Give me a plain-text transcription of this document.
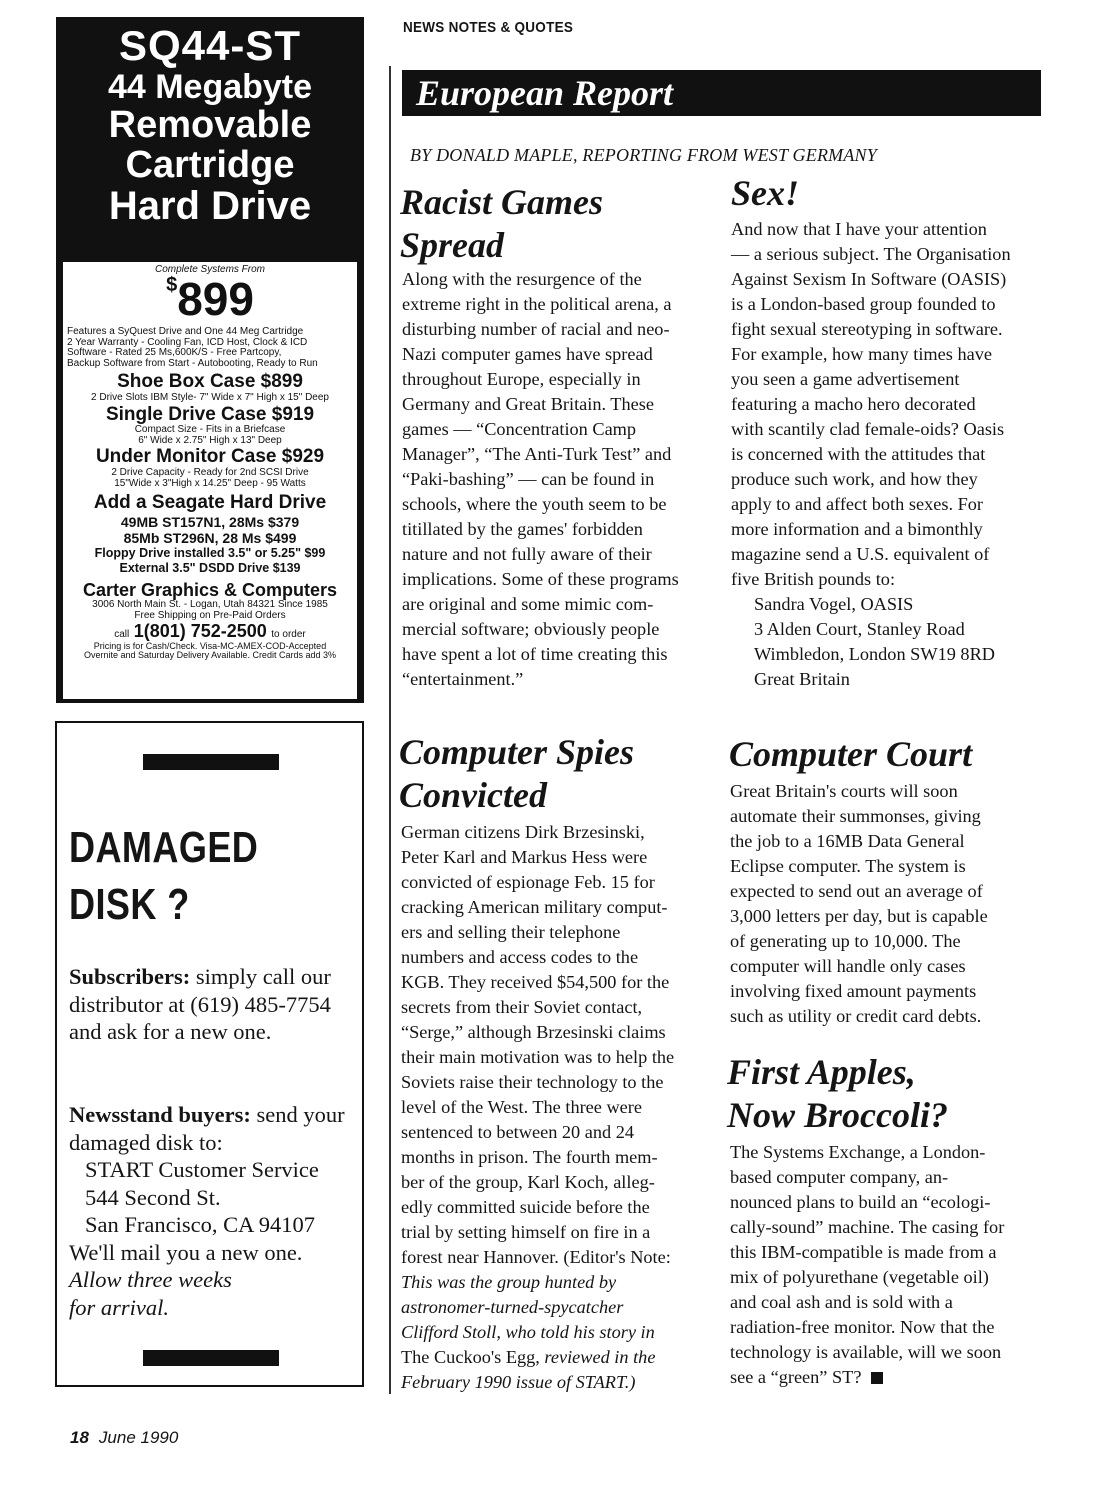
SQ44-ST
44 Megabyte
Removable
Cartridge
Hard Drive
Complete Systems From
$899
Features a SyQuest Drive and One 44 Meg Cartridge
2 Year Warranty - Cooling Fan, ICD Host, Clock & ICD
Software - Rated 25 Ms,600K/S - Free Partcopy,
Backup Software from Start - Autobooting, Ready to Run
Shoe Box Case $899
2 Drive Slots IBM Style- 7" Wide x 7" High x 15" Deep
Single Drive Case $919
Compact Size - Fits in a Briefcase
6" Wide x 2.75" High x 13" Deep
Under Monitor Case $929
2 Drive Capacity - Ready for 2nd SCSI Drive
15"Wide x 3"High x 14.25" Deep - 95 Watts
Add a Seagate Hard Drive
49MB ST157N1, 28Ms $379
85Mb ST296N, 28 Ms $499
Floppy Drive installed 3.5" or 5.25" $99
External 3.5" DSDD Drive $139
Carter Graphics & Computers
3006 North Main St. - Logan, Utah 84321 Since 1985
Free Shipping on Pre-Paid Orders
call 1(801) 752-2500 to order
Pricing is for Cash/Check. Visa-MC-AMEX-COD-Accepted
Overnite and Saturday Delivery Available. Credit Cards add 3%
DAMAGED
DISK ?
Subscribers: simply call our distributor at (619) 485-7754 and ask for a new one.
Newsstand buyers: send your damaged disk to:
START Customer Service
544 Second St.
San Francisco, CA 94107
We'll mail you a new one.
Allow three weeks
for arrival.
NEWS NOTES & QUOTES
European Report
BY DONALD MAPLE, REPORTING FROM WEST GERMANY
Racist Games
Spread
Along with the resurgence of the
extreme right in the political arena, a
disturbing number of racial and neo-
Nazi computer games have spread
throughout Europe, especially in
Germany and Great Britain. These
games — “Concentration Camp
Manager”, “The Anti-Turk Test” and
“Paki-bashing” — can be found in
schools, where the youth seem to be
titillated by the games' forbidden
nature and not fully aware of their
implications. Some of these programs
are original and some mimic com-
mercial software; obviously people
have spent a lot of time creating this
“entertainment.”
Sex!
And now that I have your attention
— a serious subject. The Organisation
Against Sexism In Software (OASIS)
is a London-based group founded to
fight sexual stereotyping in software.
For example, how many times have
you seen a game advertisement
featuring a macho hero decorated
with scantily clad female-oids? Oasis
is concerned with the attitudes that
produce such work, and how they
apply to and affect both sexes. For
more information and a bimonthly
magazine send a U.S. equivalent of
five British pounds to:
Sandra Vogel, OASIS
3 Alden Court, Stanley Road
Wimbledon, London SW19 8RD
Great Britain
Computer Spies
Convicted
German citizens Dirk Brzesinski,
Peter Karl and Markus Hess were
convicted of espionage Feb. 15 for
cracking American military comput-
ers and selling their telephone
numbers and access codes to the
KGB. They received $54,500 for the
secrets from their Soviet contact,
“Serge,” although Brzesinski claims
their main motivation was to help the
Soviets raise their technology to the
level of the West. The three were
sentenced to between 20 and 24
months in prison. The fourth mem-
ber of the group, Karl Koch, alleg-
edly committed suicide before the
trial by setting himself on fire in a
forest near Hannover. (Editor's Note:
This was the group hunted by
astronomer-turned-spycatcher
Clifford Stoll, who told his story in
The Cuckoo's Egg, reviewed in the
February 1990 issue of START.)
Computer Court
Great Britain's courts will soon
automate their summonses, giving
the job to a 16MB Data General
Eclipse computer. The system is
expected to send out an average of
3,000 letters per day, but is capable
of generating up to 10,000. The
computer will handle only cases
involving fixed amount payments
such as utility or credit card debts.
First Apples,
Now Broccoli?
The Systems Exchange, a London-
based computer company, an-
nounced plans to build an “ecologi-
cally-sound” machine. The casing for
this IBM-compatible is made from a
mix of polyurethane (vegetable oil)
and coal ash and is sold with a
radiation-free monitor. Now that the
technology is available, will we soon
see a “green” ST?
18 June 1990
